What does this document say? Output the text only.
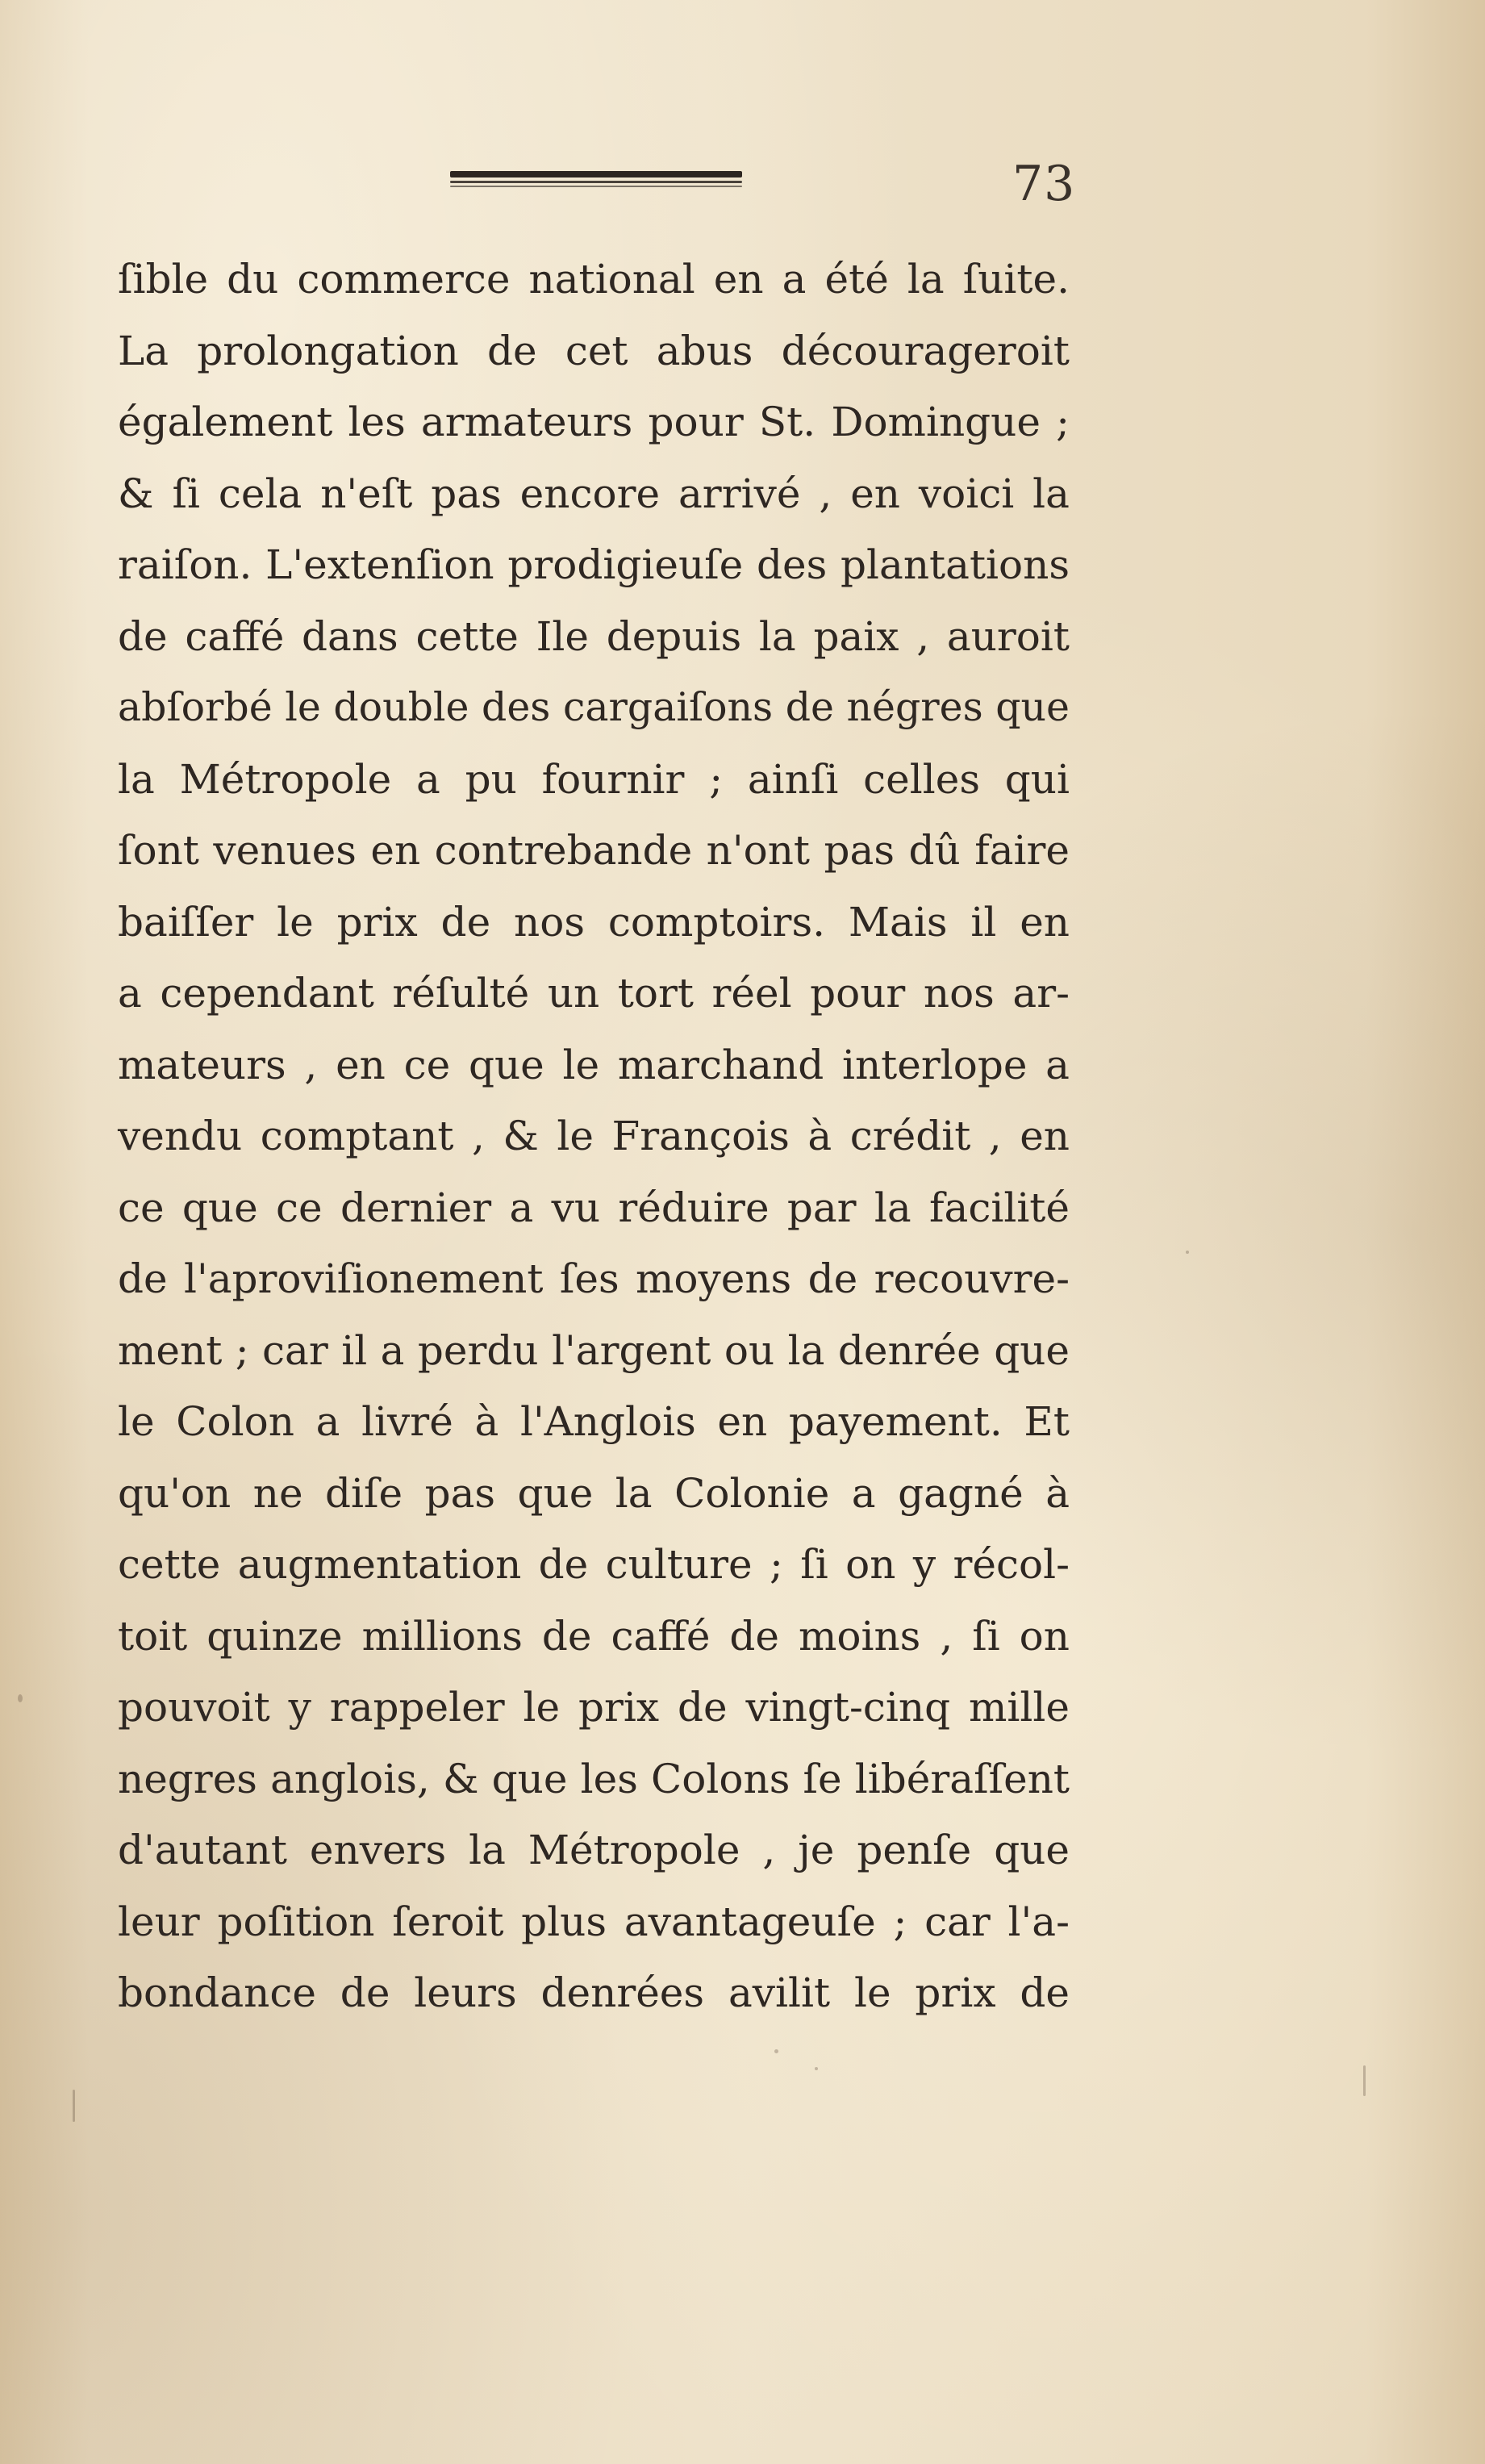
73
ſible du commerce national en a été la ſuite.
La prolongation de cet abus décourageroit
également les armateurs pour St. Domingue ;
& ſi cela n'eſt pas encore arrivé , en voici la
raiſon. L'extenſion prodigieuſe des plantations
de caffé dans cette Ile depuis la paix , auroit
abſorbé le double des cargaiſons de négres que
la Métropole a pu fournir ; ainſi celles qui
ſont venues en contrebande n'ont pas dû faire
baiſſer le prix de nos comptoirs. Mais il en
a cependant réſulté un tort réel pour nos ar-
mateurs , en ce que le marchand interlope a
vendu comptant , & le François à crédit , en
ce que ce dernier a vu réduire par la facilité
de l'aproviſionement ſes moyens de recouvre-
ment ; car il a perdu l'argent ou la denrée que
le Colon a livré à l'Anglois en payement. Et
qu'on ne diſe pas que la Colonie a gagné à
cette augmentation de culture ; ſi on y récol-
toit quinze millions de caffé de moins , ſi on
pouvoit y rappeler le prix de vingt-cinq mille
negres anglois, & que les Colons ſe libéraſſent
d'autant envers la Métropole , je penſe que
leur poſition ſeroit plus avantageuſe ; car l'a-
bondance de leurs denrées avilit le prix de
